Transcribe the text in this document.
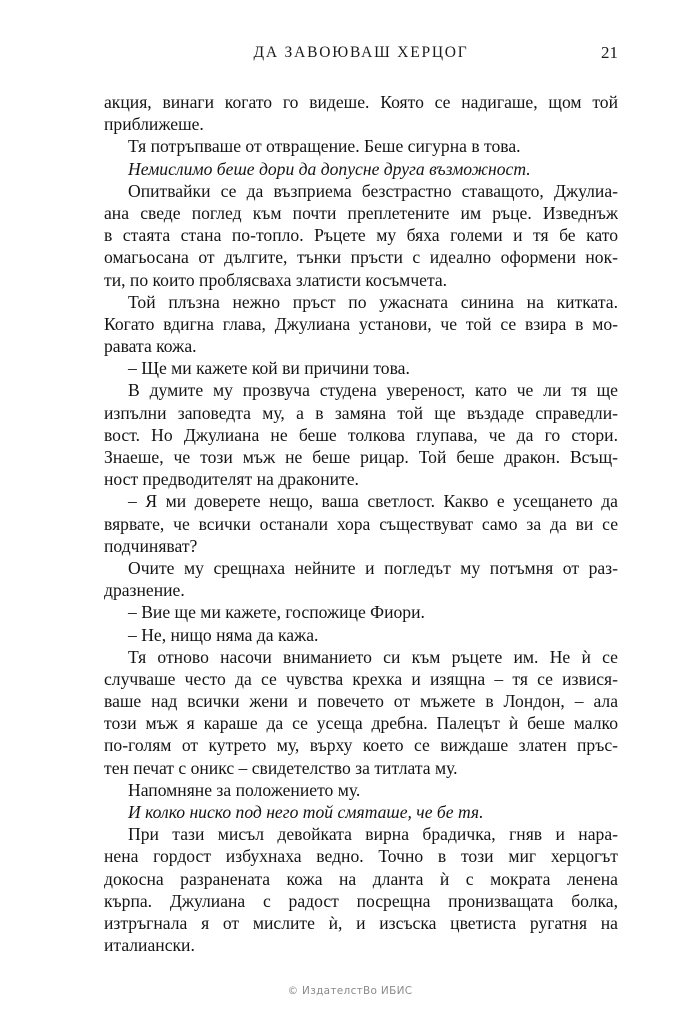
ДА ЗАВОЮВАШ ХЕРЦОГ	21
акция, винаги когато го видеше. Която се надигаше, щом той
приближеше.
Тя потръпваше от отвращение. Беше сигурна в това.
Немислимо беше дори да допусне друга възможност.
Опитвайки се да възприема безстрастно ставащото, Джулиа-
ана сведе поглед към почти преплетените им ръце. Изведнъж
в стаята стана по-топло. Ръцете му бяха големи и тя бе като
омагьосана от дългите, тънки пръсти с идеално оформени нок-
ти, по които проблясваха златисти косъмчета.
Той плъзна нежно пръст по ужасната синина на китката.
Когато вдигна глава, Джулиана установи, че той се взира в мо-
равата кожа.
– Ще ми кажете кой ви причини това.
В думите му прозвуча студена увереност, като че ли тя ще
изпълни заповедта му, а в замяна той ще въздаде справедли-
вост. Но Джулиана не беше толкова глупава, че да го стори.
Знаеше, че този мъж не беше рицар. Той беше дракон. Всъщ-
ност предводителят на драконите.
– Я ми доверете нещо, ваша светлост. Какво е усещането да
вярвате, че всички останали хора съществуват само за да ви се
подчиняват?
Очите му срещнаха нейните и погледът му потъмня от раз-
дразнение.
– Вие ще ми кажете, госпожице Фиори.
– Не, нищо няма да кажа.
Тя отново насочи вниманието си към ръцете им. Не ѝ се
случваше често да се чувства крехка и изящна – тя се извися-
ваше над всички жени и повечето от мъжете в Лондон, – ала
този мъж я караше да се усеща дребна. Палецът ѝ беше малко
по-голям от кутрето му, върху което се виждаше златен пръс-
тен печат с оникс – свидетелство за титлата му.
Напомняне за положението му.
И колко ниско под него той смяташе, че бе тя.
При тази мисъл девойката вирна брадичка, гняв и нара-
нена гордост избухнаха ведно. Точно в този миг херцогът
докосна разранената кожа на дланта ѝ с мократа ленена
кърпа. Джулиана с радост посрещна пронизващата болка,
изтръгнала я от мислите ѝ, и изсъска цветиста ругатня на
италиански.
© ИздателстВо ИБИС
